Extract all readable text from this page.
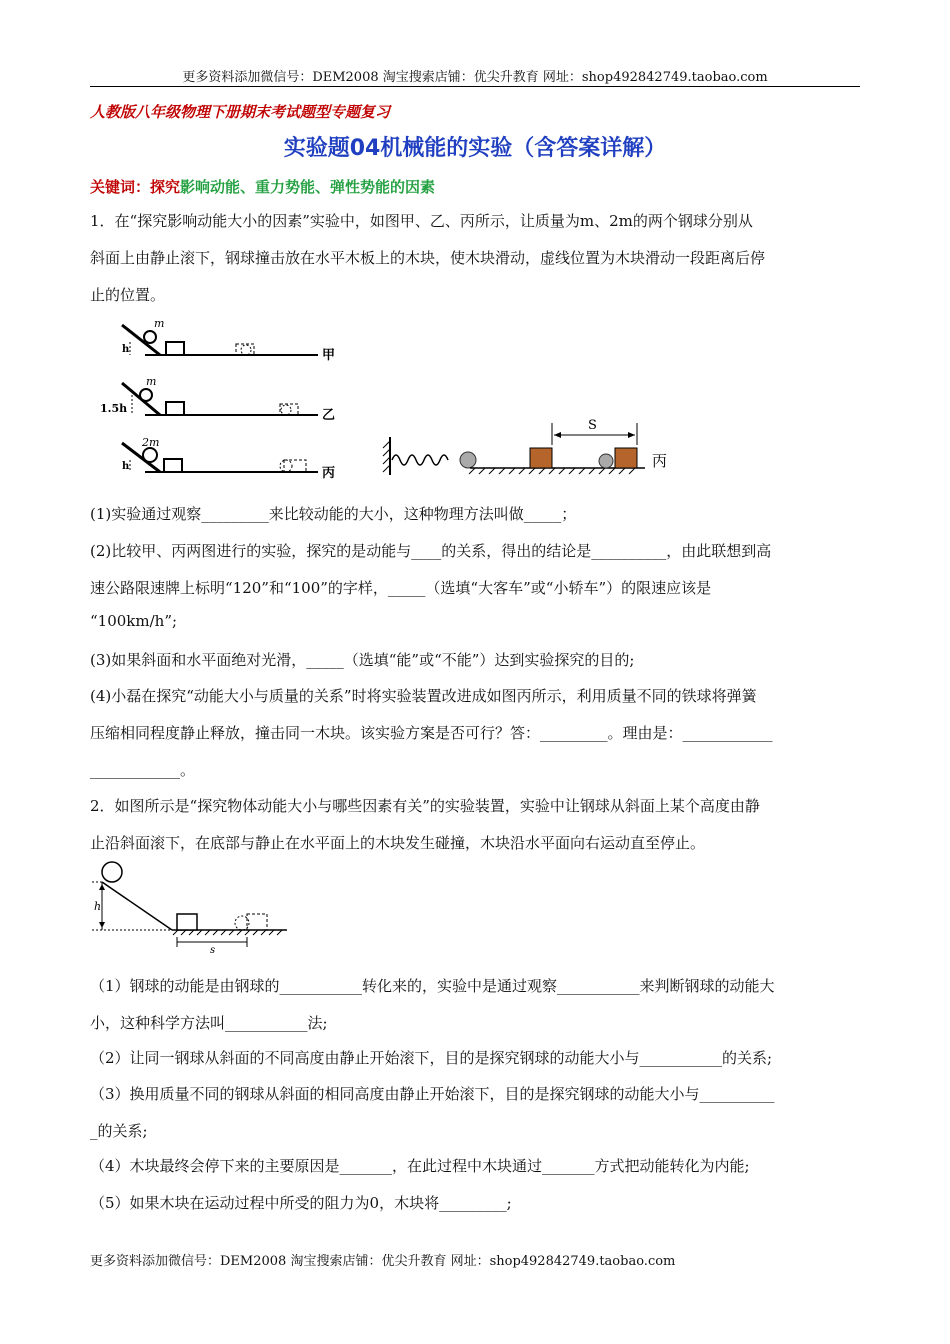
更多资料添加微信号：DEM2008 淘宝搜索店铺：优尖升教育 网址：shop492842749.taobao.com
人教版八年级物理下册期末考试题型专题复习
实验题04机械能的实验（含答案详解）
关键词：探究影响动能、重力势能、弹性势能的因素
1．在“探究影响动能大小的因素”实验中，如图甲、乙、丙所示，让质量为m、2m的两个钢球分别从
斜面上由静止滚下，钢球撞击放在水平木板上的木块，使木块滑动，虚线位置为木块滑动一段距离后停
止的位置。
m
h	甲
m
1.5h	乙
2m
h	丙
S
丙
(1)实验通过观察_________来比较动能的大小，这种物理方法叫做_____；
(2)比较甲、丙两图进行的实验，探究的是动能与____的关系，得出的结论是__________，由此联想到高
速公路限速牌上标明“120”和“100”的字样，_____（选填“大客车”或“小轿车”）的限速应该是
“100km/h”;
(3)如果斜面和水平面绝对光滑，_____（选填“能”或“不能”）达到实验探究的目的;
(4)小磊在探究“动能大小与质量的关系”时将实验装置改进成如图丙所示，利用质量不同的铁球将弹簧
压缩相同程度静止释放，撞击同一木块。该实验方案是否可行？答：_________。理由是：____________
____________。
2．如图所示是“探究物体动能大小与哪些因素有关”的实验装置，实验中让钢球从斜面上某个高度由静
止沿斜面滚下，在底部与静止在水平面上的木块发生碰撞，木块沿水平面向右运动直至停止。
h
s
（1）钢球的动能是由钢球的___________转化来的，实验中是通过观察___________来判断钢球的动能大
小，这种科学方法叫___________法;
（2）让同一钢球从斜面的不同高度由静止开始滚下，目的是探究钢球的动能大小与___________的关系;
（3）换用质量不同的钢球从斜面的相同高度由静止开始滚下，目的是探究钢球的动能大小与__________
_的关系;
（4）木块最终会停下来的主要原因是_______，在此过程中木块通过_______方式把动能转化为内能;
（5）如果木块在运动过程中所受的阻力为0，木块将_________;
更多资料添加微信号：DEM2008 淘宝搜索店铺：优尖升教育 网址：shop492842749.taobao.com
